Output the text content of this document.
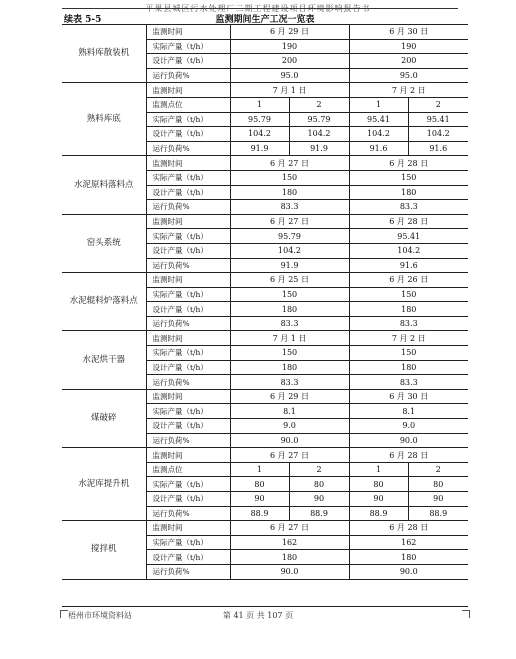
平果县城区污水处理厂二期工程建设项目环境影响报告书
监测期间生产工况一览表
续表 5-5
熟料库散装机	监测时间	6 月 29 日		6 月 30 日	
	实际产量（t/h）	190		190	
	设计产量（t/h）	200		200	
	运行负荷%	95.0		95.0	
熟料库底	监测时间	7 月 1 日		7 月 2 日	
	监测点位	1	2	1	2
	实际产量（t/h）	95.79	95.79	95.41	95.41
	设计产量（t/h）	104.2	104.2	104.2	104.2
	运行负荷%	91.9	91.9	91.6	91.6
水泥原料落料点	监测时间	6 月 27 日		6 月 28 日	
	实际产量（t/h）	150		150	
	设计产量（t/h）	180		180	
	运行负荷%	83.3		83.3	
窑头系统	监测时间	6 月 27 日		6 月 28 日	
	实际产量（t/h）	95.79		95.41	
	设计产量（t/h）	104.2		104.2	
	运行负荷%	91.9		91.6	
水泥辊料炉落料点	监测时间	6 月 25 日		6 月 26 日	
	实际产量（t/h）	150		150	
	设计产量（t/h）	180		180	
	运行负荷%	83.3		83.3	
水泥烘干器	监测时间	7 月 1 日		7 月 2 日	
	实际产量（t/h）	150		150	
	设计产量（t/h）	180		180	
	运行负荷%	83.3		83.3	
煤破碎	监测时间	6 月 29 日		6 月 30 日	
	实际产量（t/h）	8.1		8.1	
	设计产量（t/h）	9.0		9.0	
	运行负荷%	90.0		90.0	
水泥库提升机	监测时间	6 月 27 日		6 月 28 日	
	监测点位	1	2	1	2
	实际产量（t/h）	80	80	80	80
	设计产量（t/h）	90	90	90	90
	运行负荷%	88.9	88.9	88.9	88.9
搅拌机	监测时间	6 月 27 日		6 月 28 日	
	实际产量（t/h）	162		162	
	设计产量（t/h）	180		180	
	运行负荷%	90.0		90.0	
梧州市环境资料站	第 41 页 共 107 页
